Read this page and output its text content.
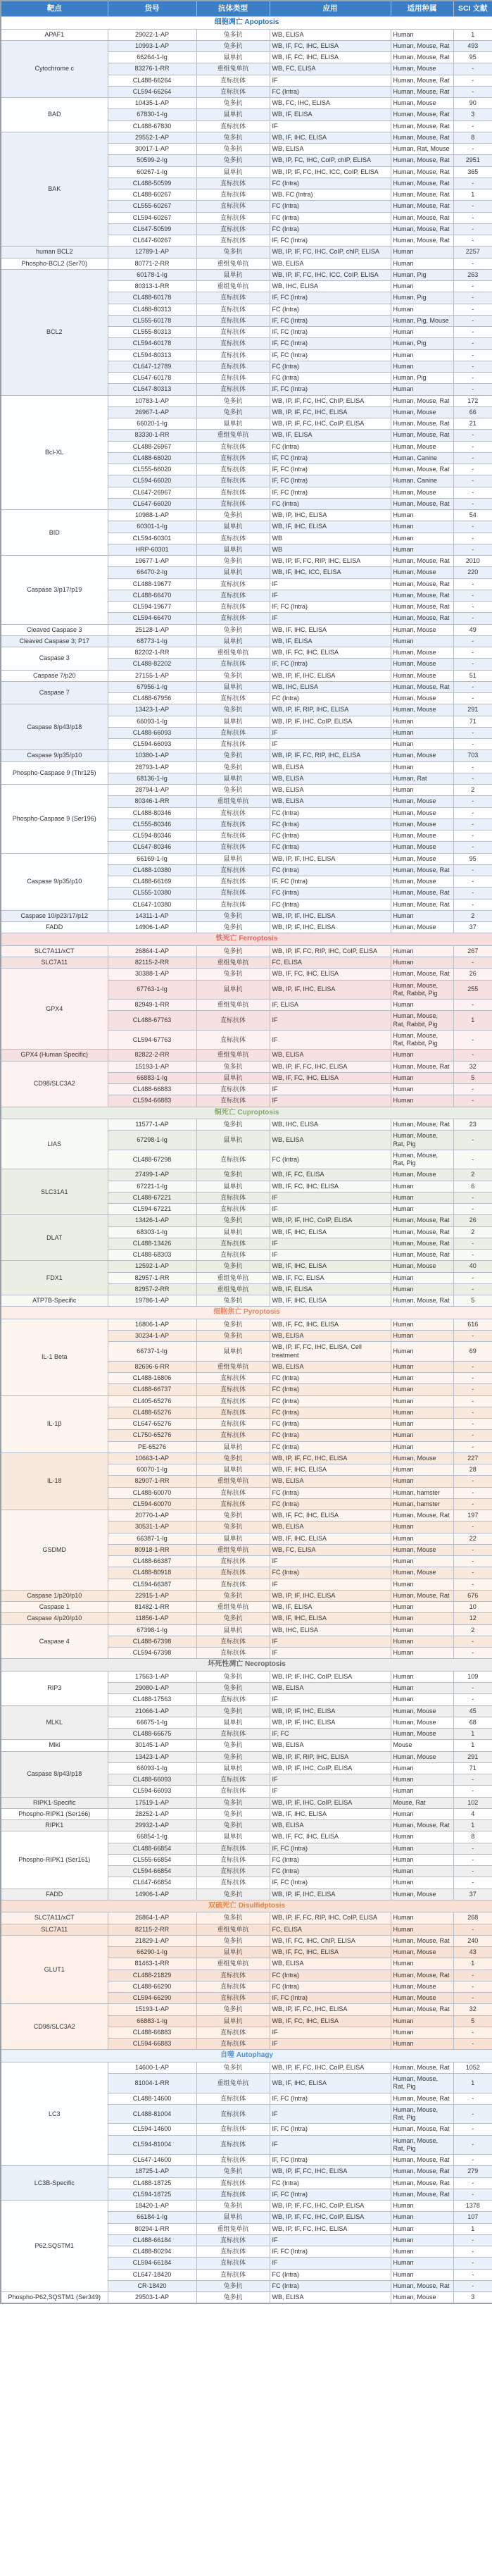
靶点	货号	抗体类型	应用	适用种属	SCI 文献
细胞凋亡 Apoptosis					
APAF1	29022-1-AP	兔多抗	WB, ELISA	Human	1
Cytochrome c	10993-1-AP	兔多抗	WB, IF, FC, IHC, ELISA	Human, Mouse, Rat	493
	66264-1-Ig	鼠单抗	WB, IF, FC, IHC, ELISA	Human, Mouse, Rat	95
	83276-1-RR	重组兔单抗	WB, FC, ELISA	Human, Mouse	-
	CL488-66264	直标抗体	IF	Human, Mouse, Rat	-
	CL594-66264	直标抗体	FC (Intra)	Human, Mouse, Rat	-
BAD	10435-1-AP	兔多抗	WB, FC, IHC, ELISA	Human, Mouse	90
	67830-1-Ig	鼠单抗	WB, IF, ELISA	Human, Mouse, Rat	3
	CL488-67830	直标抗体	IF	Human, Mouse, Rat	-
BAK	29552-1-AP	兔多抗	WB, IF, IHC, ELISA	Human, Mouse, Rat	8
	30017-1-AP	兔多抗	WB, ELISA	Human, Rat, Mouse	-
	50599-2-Ig	兔多抗	WB, IP, FC, IHC, CoIP, chIP, ELISA	Human, Mouse, Rat	2951
	60267-1-Ig	鼠单抗	WB, IP, IF, FC, IHC, ICC, CoIP, ELISA	Human, Mouse, Rat	365
	CL488-50599	直标抗体	FC (Intra)	Human, Mouse, Rat	-
	CL488-60267	直标抗体	WB, FC (Intra)	Human, Mouse, Rat	1
	CL555-60267	直标抗体	FC (Intra)	Human, Mouse, Rat	-
	CL594-60267	直标抗体	FC (Intra)	Human, Mouse, Rat	-
	CL647-50599	直标抗体	FC (Intra)	Human, Mouse, Rat	-
	CL647-60267	直标抗体	IF, FC (Intra)	Human, Mouse, Rat	-
human BCL2	12789-1-AP	兔多抗	WB, IP, IF, FC, IHC, CoIP, chIP, ELISA	Human	2257
Phospho-BCL2 (Ser70)	80771-2-RR	重组兔单抗	WB, ELISA	Human	-
BCL2	60178-1-Ig	鼠单抗	WB, IP, IF, FC, IHC, ICC, CoIP, ELISA	Human, Pig	263
	80313-1-RR	重组兔单抗	WB, IHC, ELISA	Human	-
	CL488-60178	直标抗体	IF, FC (Intra)	Human, Pig	-
	CL488-80313	直标抗体	FC (Intra)	Human	-
	CL555-60178	直标抗体	IF, FC (Intra)	Human, Pig, Mouse	-
	CL555-80313	直标抗体	IF, FC (Intra)	Human	-
	CL594-60178	直标抗体	IF, FC (Intra)	Human, Pig	-
	CL594-80313	直标抗体	IF, FC (Intra)	Human	-
	CL647-12789	直标抗体	FC (Intra)	Human	-
	CL647-60178	直标抗体	FC (Intra)	Human, Pig	-
	CL647-80313	直标抗体	IF, FC (Intra)	Human	-
Bcl-XL	10783-1-AP	兔多抗	WB, IP, IF, FC, IHC, ChIP, ELISA	Human, Mouse, Rat	172
	26967-1-AP	兔多抗	WB, IP, IF, FC, IHC, ELISA	Human, Mouse	66
	66020-1-Ig	鼠单抗	WB, IP, IF, FC, IHC, CoIP, ELISA	Human, Mouse, Rat	21
	83330-1-RR	重组兔单抗	WB, IF, ELISA	Human, Mouse, Rat	-
	CL488-26967	直标抗体	FC (Intra)	Human, Mouse	-
	CL488-66020	直标抗体	IF, FC (Intra)	Human, Canine	-
	CL555-66020	直标抗体	IF, FC (Intra)	Human, Mouse, Rat	-
	CL594-66020	直标抗体	IF, FC (Intra)	Human, Canine	-
	CL647-26967	直标抗体	IF, FC (Intra)	Human, Mouse	-
	CL647-66020	直标抗体	FC (Intra)	Human, Mouse, Rat	-
BID	10988-1-AP	兔多抗	WB, IP, IHC, ELISA	Human	54
	60301-1-Ig	鼠单抗	WB, IF, IHC, ELISA	Human	-
	CL594-60301	直标抗体	WB	Human	-
	HRP-60301	鼠单抗	WB	Human	-
Caspase 3/p17/p19	19677-1-AP	兔多抗	WB, IP, IF, FC, RIP, IHC, ELISA	Human, Mouse, Rat	2010
	66470-2-Ig	鼠单抗	WB, IF, IHC, ICC, ELISA	Human, Mouse	220
	CL488-19677	直标抗体	IF	Human, Mouse, Rat	-
	CL488-66470	直标抗体	IF	Human, Mouse, Rat	-
	CL594-19677	直标抗体	IF, FC (Intra)	Human, Mouse, Rat	-
	CL594-66470	直标抗体	IF	Human, Mouse, Rat	-
Cleaved Caspase 3	25128-1-AP	兔多抗	WB, IF, IHC, ELISA	Human, Mouse	49
Cleaved Caspase 3; P17	68773-1-Ig	鼠单抗	WB, IF, ELISA	Human	-
Caspase 3	82202-1-RR	重组兔单抗	WB, IF, FC, IHC, ELISA	Human, Mouse	-
	CL488-82202	直标抗体	IF, FC (Intra)	Human, Mouse	-
Caspase 7/p20	27155-1-AP	兔多抗	WB, IP, IF, IHC, ELISA	Human, Mouse	51
Caspase 7	67956-1-Ig	鼠单抗	WB, IHC, ELISA	Human, Mouse, Rat	-
	CL488-67956	直标抗体	FC (Intra)	Human, Mouse	-
Caspase 8/p43/p18	13423-1-AP	兔多抗	WB, IP, IF, RIP, IHC, ELISA	Human, Mouse	291
	66093-1-Ig	鼠单抗	WB, IP, IF, IHC, CoIP, ELISA	Human	71
	CL488-66093	直标抗体	IF	Human	-
	CL594-66093	直标抗体	IF	Human	-
Caspase 9/p35/p10	10380-1-AP	兔多抗	WB, IP, IF, FC, RIP, IHC, ELISA	Human, Mouse	703
Phospho-Caspase 9 (Thr125)	28793-1-AP	兔多抗	WB, ELISA	Human	-
	68136-1-Ig	鼠单抗	WB, ELISA	Human, Rat	-
Phospho-Caspase 9 (Ser196)	28794-1-AP	兔多抗	WB, ELISA	Human	2
	80346-1-RR	重组兔单抗	WB, ELISA	Human, Mouse	-
	CL488-80346	直标抗体	FC (Intra)	Human, Mouse	-
	CL555-80346	直标抗体	FC (Intra)	Human, Mouse	-
	CL594-80346	直标抗体	FC (Intra)	Human, Mouse	-
	CL647-80346	直标抗体	FC (Intra)	Human, Mouse	-
Caspase 9/p35/p10	66169-1-Ig	鼠单抗	WB, IP, IF, IHC, ELISA	Human, Mouse	95
	CL488-10380	直标抗体	FC (Intra)	Human, Mouse, Rat	-
	CL488-66169	直标抗体	IF, FC (Intra)	Human, Mouse	-
	CL555-10380	直标抗体	FC (Intra)	Human, Mouse, Rat	-
	CL647-10380	直标抗体	FC (Intra)	Human, Mouse, Rat	-
Caspase 10/p23/17/p12	14311-1-AP	兔多抗	WB, IP, IF, IHC, ELISA	Human	2
FADD	14906-1-AP	兔多抗	WB, IP, IF, IHC, ELISA	Human, Mouse	37
铁死亡 Ferroptosis					
SLC7A11/xCT	26864-1-AP	兔多抗	WB, IP, IF, FC, RIP, IHC, CoIP, ELISA	Human	267
SLC7A11	82115-2-RR	重组兔单抗	FC, ELISA	Human	-
GPX4	30388-1-AP	兔多抗	WB, IF, FC, IHC, ELISA	Human, Mouse, Rat	26
	67763-1-Ig	鼠单抗	WB, IP, IF, IHC, ELISA	Human, Mouse, Rat, Rabbit, Pig	255
	82949-1-RR	重组兔单抗	IF, ELISA	Human	-
	CL488-67763	直标抗体	IF	Human, Mouse, Rat, Rabbit, Pig	1
	CL594-67763	直标抗体	IF	Human, Mouse, Rat, Rabbit, Pig	-
GPX4 (Human Specific)	82822-2-RR	重组兔单抗	WB, ELISA	Human	-
CD98/SLC3A2	15193-1-AP	兔多抗	WB, IP, IF, FC, IHC, ELISA	Human, Mouse, Rat	32
	66883-1-Ig	鼠单抗	WB, IF, FC, IHC, ELISA	Human	5
	CL488-66883	直标抗体	IF	Human	-
	CL594-66883	直标抗体	IF	Human	-
铜死亡 Cuproptosis					
LIAS	11577-1-AP	兔多抗	WB, IHC, ELISA	Human, Mouse, Rat	23
	67298-1-Ig	鼠单抗	WB, ELISA	Human, Mouse, Rat, Pig	-
	CL488-67298	直标抗体	FC (Intra)	Human, Mouse, Rat, Pig	-
SLC31A1	27499-1-AP	兔多抗	WB, IF, FC, ELISA	Human, Mouse	2
	67221-1-Ig	鼠单抗	WB, IF, FC, IHC, ELISA	Human	6
	CL488-67221	直标抗体	IF	Human	-
	CL594-67221	直标抗体	IF	Human	-
DLAT	13426-1-AP	兔多抗	WB, IP, IF, IHC, CoIP, ELISA	Human, Mouse, Rat	26
	68303-1-Ig	鼠单抗	WB, IF, IHC, ELISA	Human, Mouse, Rat	2
	CL488-13426	直标抗体	IF	Human, Mouse, Rat	-
	CL488-68303	直标抗体	IF	Human, Mouse, Rat	-
FDX1	12592-1-AP	兔多抗	WB, IF, IHC, ELISA	Human, Mouse	40
	82957-1-RR	重组兔单抗	WB, IF, FC, ELISA	Human	-
	82957-2-RR	重组兔单抗	WB, IF, ELISA	Human	-
ATP7B-Specific	19786-1-AP	兔多抗	WB, IF, IHC, ELISA	Human, Mouse, Rat	5
细胞焦亡 Pyroptosis					
IL-1 Beta	16806-1-AP	兔多抗	WB, IF, FC, IHC, ELISA	Human	616
	30234-1-AP	兔多抗	WB, ELISA	Human	-
	66737-1-Ig	鼠单抗	WB, IP, IF, FC, IHC, ELISA, Cell treatment	Human	69
	82696-6-RR	重组兔单抗	WB, ELISA	Human	-
	CL488-16806	直标抗体	FC (Intra)	Human	-
	CL488-66737	直标抗体	FC (Intra)	Human	-
IL-1β	CL405-65276	直标抗体	FC (Intra)	Human	-
	CL488-65276	直标抗体	FC (Intra)	Human	-
	CL647-65276	直标抗体	FC (Intra)	Human	-
	CL750-65276	直标抗体	FC (Intra)	Human	-
	PE-65276	鼠单抗	FC (Intra)	Human	-
IL-18	10663-1-AP	兔多抗	WB, IP, IF, FC, IHC, ELISA	Human, Mouse	227
	60070-1-Ig	鼠单抗	WB, IF, IHC, ELISA	Human	28
	82907-1-RR	重组兔单抗	WB, ELISA	Human	-
	CL488-60070	直标抗体	FC (Intra)	Human, hamster	-
	CL594-60070	直标抗体	FC (Intra)	Human, hamster	-
GSDMD	20770-1-AP	兔多抗	WB, IF, FC, IHC, ELISA	Human, Mouse, Rat	197
	30531-1-AP	兔多抗	WB, ELISA	Human	-
	66387-1-Ig	鼠单抗	WB, IF, IHC, ELISA	Human	22
	80918-1-RR	重组兔单抗	WB, FC, ELISA	Human, Mouse	-
	CL488-66387	直标抗体	IF	Human	-
	CL488-80918	直标抗体	FC (Intra)	Human, Mouse	-
	CL594-66387	直标抗体	IF	Human	-
Caspase 1/p20/p10	22915-1-AP	兔多抗	WB, IP, IF, IHC, ELISA	Human, Mouse, Rat	676
Caspase 1	81482-1-RR	重组兔单抗	WB, IF, ELISA	Human	10
Caspase 4/p20/p10	11856-1-AP	兔多抗	WB, IF, IHC, ELISA	Human	12
Caspase 4	67398-1-Ig	鼠单抗	WB, IHC, ELISA	Human	2
	CL488-67398	直标抗体	IF	Human	-
	CL594-67398	直标抗体	IF	Human	-
坏死性凋亡 Necroptosis					
RIP3	17563-1-AP	兔多抗	WB, IP, IF, IHC, CoIP, ELISA	Human	109
	29080-1-AP	兔多抗	WB, ELISA	Human	-
	CL488-17563	直标抗体	IF	Human	-
MLKL	21066-1-AP	兔多抗	WB, IP, IF, IHC, ELISA	Human, Mouse	45
	66675-1-Ig	鼠单抗	WB, IP, IF, IHC, ELISA	Human, Mouse	68
	CL488-66675	直标抗体	IF, FC	Human, Mouse	1
Mlkl	30145-1-AP	兔多抗	WB, ELISA	Mouse	1
Caspase 8/p43/p18	13423-1-AP	兔多抗	WB, IP, IF, RIP, IHC, ELISA	Human, Mouse	291
	66093-1-Ig	鼠单抗	WB, IP, IF, IHC, CoIP, ELISA	Human	71
	CL488-66093	直标抗体	IF	Human	-
	CL594-66093	直标抗体	IF	Human	-
RIPK1-Specific	17519-1-AP	兔多抗	WB, IP, IF, IHC, CoIP, ELISA	Mouse, Rat	102
Phospho-RIPK1 (Ser166)	28252-1-AP	兔多抗	WB, IF, IHC, ELISA	Human	4
RIPK1	29932-1-AP	兔多抗	WB, ELISA	Human, Mouse, Rat	1
Phospho-RIPK1 (Ser161)	66854-1-Ig	鼠单抗	WB, IF, FC, IHC, ELISA	Human	8
	CL488-66854	直标抗体	IF, FC (Intra)	Human	-
	CL555-66854	直标抗体	FC (Intra)	Human	-
	CL594-66854	直标抗体	FC (Intra)	Human	-
	CL647-66854	直标抗体	IF, FC (Intra)	Human	-
FADD	14906-1-AP	兔多抗	WB, IP, IF, IHC, ELISA	Human, Mouse	37
双硫死亡 Disulfidptosis					
SLC7A11/xCT	26864-1-AP	兔多抗	WB, IP, IF, FC, RIP, IHC, CoIP, ELISA	Human	268
SLC7A11	82115-2-RR	重组兔单抗	FC, ELISA	Human	-
GLUT1	21829-1-AP	兔多抗	WB, IF, FC, IHC, ChIP, ELISA	Human, Mouse, Rat	240
	66290-1-Ig	鼠单抗	WB, IF, FC, IHC, ELISA	Human, Mouse	43
	81463-1-RR	重组兔单抗	WB, ELISA	Human	1
	CL488-21829	直标抗体	FC (Intra)	Human, Mouse, Rat	-
	CL488-66290	直标抗体	FC (Intra)	Human, Mouse	-
	CL594-66290	直标抗体	IF, FC (Intra)	Human, Mouse	-
CD98/SLC3A2	15193-1-AP	兔多抗	WB, IP, IF, FC, IHC, ELISA	Human, Mouse, Rat	32
	66883-1-Ig	鼠单抗	WB, IF, FC, IHC, ELISA	Human	5
	CL488-66883	直标抗体	IF	Human	-
	CL594-66883	直标抗体	IF	Human	-
自噬 Autophagy					
LC3	14600-1-AP	兔多抗	WB, IP, IF, FC, IHC, CoIP, ELISA	Human, Mouse, Rat	1052
	81004-1-RR	重组兔单抗	WB, IF, IHC, ELISA	Human, Mouse, Rat, Pig	1
	CL488-14600	直标抗体	IF, FC (Intra)	Human, Mouse, Rat	-
	CL488-81004	直标抗体	IF	Human, Mouse, Rat, Pig	-
	CL594-14600	直标抗体	IF, FC (Intra)	Human, Mouse, Rat	-
	CL594-81004	直标抗体	IF	Human, Mouse, Rat, Pig	-
	CL647-14600	直标抗体	IF, FC (Intra)	Human, Mouse, Rat	-
LC3B-Specific	18725-1-AP	兔多抗	WB, IP, IF, FC, IHC, ELISA	Human, Mouse, Rat	279
	CL488-18725	直标抗体	FC (Intra)	Human, Mouse, Rat	-
	CL594-18725	直标抗体	IF, FC (Intra)	Human, Mouse, Rat	-
P62,SQSTM1	18420-1-AP	兔多抗	WB, IP, IF, FC, IHC, CoIP, ELISA	Human	1378
	66184-1-Ig	鼠单抗	WB, IP, IF, FC, IHC, CoIP, ELISA	Human	107
	80294-1-RR	重组兔单抗	WB, IP, IF, FC, IHC, ELISA	Human	1
	CL488-66184	直标抗体	IF	Human	-
	CL488-80294	直标抗体	IF, FC (Intra)	Human	-
	CL594-66184	直标抗体	IF	Human	-
	CL647-18420	直标抗体	FC (Intra)	Human	-
	CR-18420	兔多抗	FC (Intra)	Human, Mouse, Rat	-
Phospho-P62,SQSTM1 (Ser349)	29503-1-AP	兔多抗	WB, ELISA	Human, Mouse	3
